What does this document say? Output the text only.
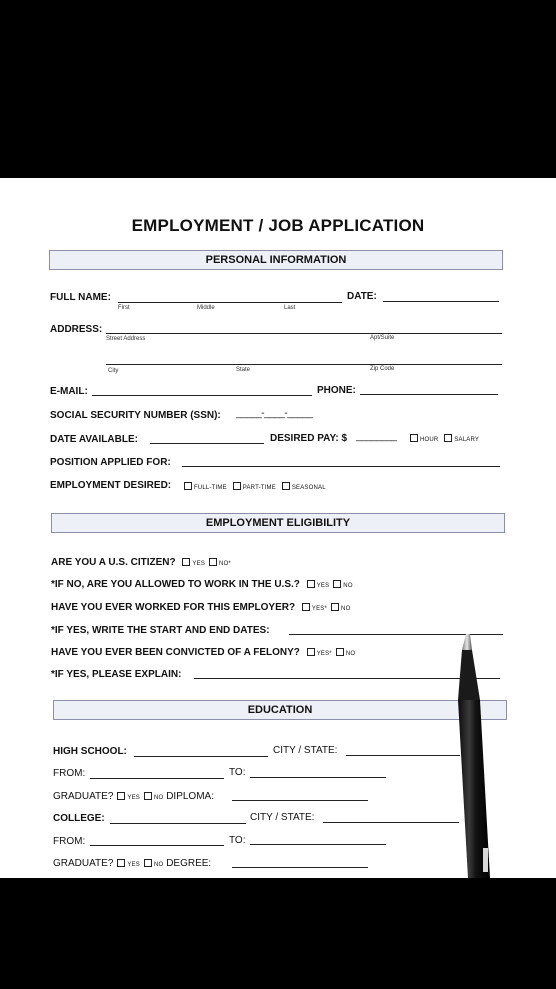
EMPLOYMENT / JOB APPLICATION
PERSONAL INFORMATION
FULL NAME:
First	Middle	Last
DATE:
ADDRESS:
Street Address	Apt/Suite
City	State	Zip Code
E-MAIL:	PHONE:
SOCIAL SECURITY NUMBER (SSN): _____-____-_____
DATE AVAILABLE:	DESIRED PAY: $ ________	HOUR	SALARY
POSITION APPLIED FOR:
EMPLOYMENT DESIRED:	FULL-TIME	PART-TIME	SEASONAL
EMPLOYMENT ELIGIBILITY
ARE YOU A U.S. CITIZEN?	YES NO*
*IF NO, ARE YOU ALLOWED TO WORK IN THE U.S.?	YES NO
HAVE YOU EVER WORKED FOR THIS EMPLOYER?	YES* NO
*IF YES, WRITE THE START AND END DATES:
HAVE YOU EVER BEEN CONVICTED OF A FELONY?	YES* NO
*IF YES, PLEASE EXPLAIN:
EDUCATION
HIGH SCHOOL:	CITY / STATE:
FROM:	TO:
GRADUATE? YES NO DIPLOMA:
COLLEGE:	CITY / STATE:
FROM:	TO:
GRADUATE? YES NO DEGREE:
